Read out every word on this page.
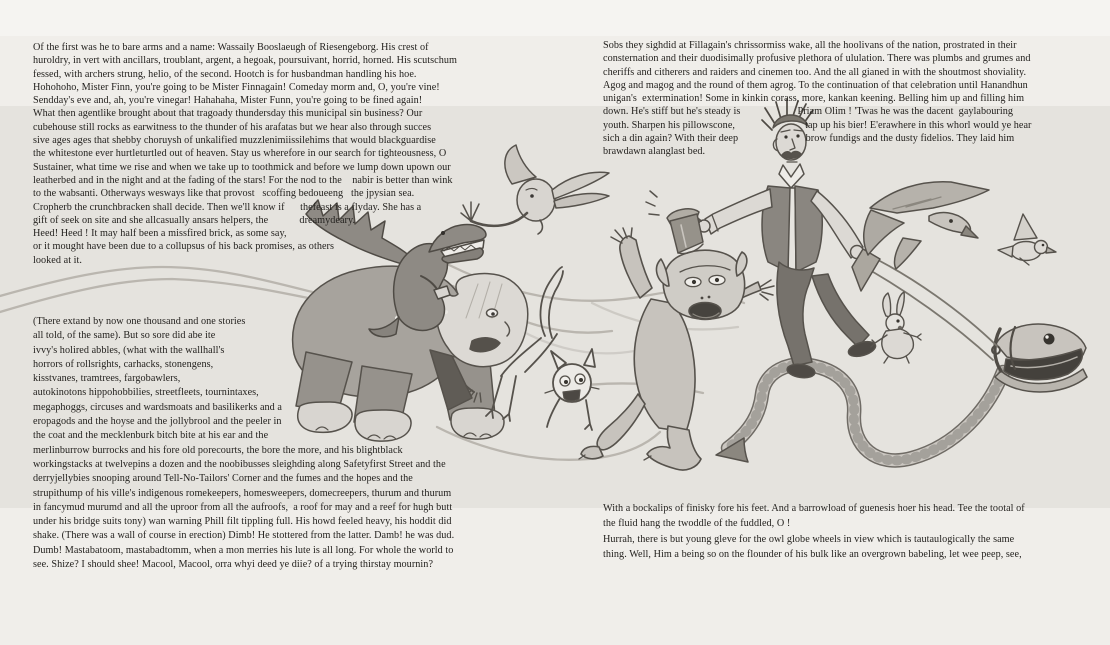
Of the first was he to bare arms and a name: Wassaily Booslaeugh of Riesengeborg. His crest of
huroldry, in vert with ancillars, troublant, argent, a hegoak, poursuivant, horrid, horned. His scutschum
fessed, with archers strung, helio, of the second. Hootch is for husbandman handling his hoe.
Hohohoho, Mister Finn, you're going to be Mister Finnagain! Comeday morm and, O, you're vine!
Sendday's eve and, ah, you're vinegar! Hahahaha, Mister Funn, you're going to be fined again!
What then agentlike brought about that tragoady thundersday this municipal sin business? Our
cubehouse still rocks as earwitness to the thunder of his arafatas but we hear also through succes
sive ages ages that shebby choruysh of unkalified muzzlenimiissilehims that would blackguardise
the whitestone ever hurtleturtled out of heaven. Stay us wherefore in our search for tighteousness, O
Sustainer, what time we rise and when we take up to toothmick and before we lump down upown our
leatherbed and in the night and at the fading of the stars! For the nod to the    nabir is better than wink
to the wabsanti. Otherways wesways like that provost   scoffing bedoueeng   the jpysian sea.
Cropherb the crunchbracken shall decide. Then we'll know if      thefeast is a flyday. She has a
gift of seek on site and she allcasually ansars helpers, the            dreamydeary.
Heed! Heed ! It may half been a missfired brick, as some say,
or it mought have been due to a collupsus of his back promises, as others
looked at it.
(There extand by now one thousand and one stories
all told, of the same). But so sore did abe ite
ivvy's holired abbles, (what with the wallhall's
horrors of rollsrights, carhacks, stonengens,
kisstvanes, tramtrees, fargobawlers,
autokinotons hippohobbilies, streetfleets, tournintaxes,
megaphoggs, circuses and wardsmoats and basilikerks and a
eropagods and the hoyse and the jollybrool and the peeler in
the coat and the mecklenburk bitch bite at his ear and the
merlinburrow burrocks and his fore old porecourts, the bore the more, and his blightblack
workingstacks at twelvepins a dozen and the noobibusses sleighding along Safetyfirst Street and the
derryjellybies snooping around Tell-No-Tailors' Corner and the fumes and the hopes and the
strupithump of his ville's indigenous romekeepers, homesweepers, domecreepers, thurum and thurum
in fancymud murumd and all the uproor from all the aufroofs,  a roof for may and a reef for hugh butt
under his bridge suits tony) wan warning Phill filt tippling full. His howd feeled heavy, his hoddit did
shake. (There was a wall of course in erection) Dimb! He stottered from the latter. Damb! he was dud.
Dumb! Mastabatoom, mastabadtomm, when a mon merries his lute is all long. For whole the world to
see. Shize? I should shee! Macool, Macool, orra whyi deed ye diie? of a trying thirstay mournin?
Sobs they sighdid at Fillagain's chrissormiss wake, all the hoolivans of the nation, prostrated in their
consternation and their duodisimally profusive plethora of ululation. There was plumbs and grumes and
cheriffs and citherers and raiders and cinemen too. And the all gianed in with the shoutmost shoviality.
Agog and magog and the round of them agrog. To the continuation of that celebration until Hanandhun
unigan's  extermination! Some in kinkin corass, more, kankan keening. Belling him up and filling him
down. He's stiff but he's steady is                      Priam Olim ! 'Twas he was the dacent  gaylabouring
youth. Sharpen his pillowscone,                           tap up his bier! E'erawhere in this whorl would ye hear
sich a din again? With their deep                          brow fundigs and the dusty fidelios. They laid him
brawdawn alanglast bed.
With a bockalips of finisky fore his feet. And a barrowload of guenesis hoer his head. Tee the tootal of
the fluid hang the twoddle of the fuddled, O !
Hurrah, there is but young gleve for the owl globe wheels in view which is tautaulogically the same
thing. Well, Him a being so on the flounder of his bulk like an overgrown babeling, let wee peep, see,
